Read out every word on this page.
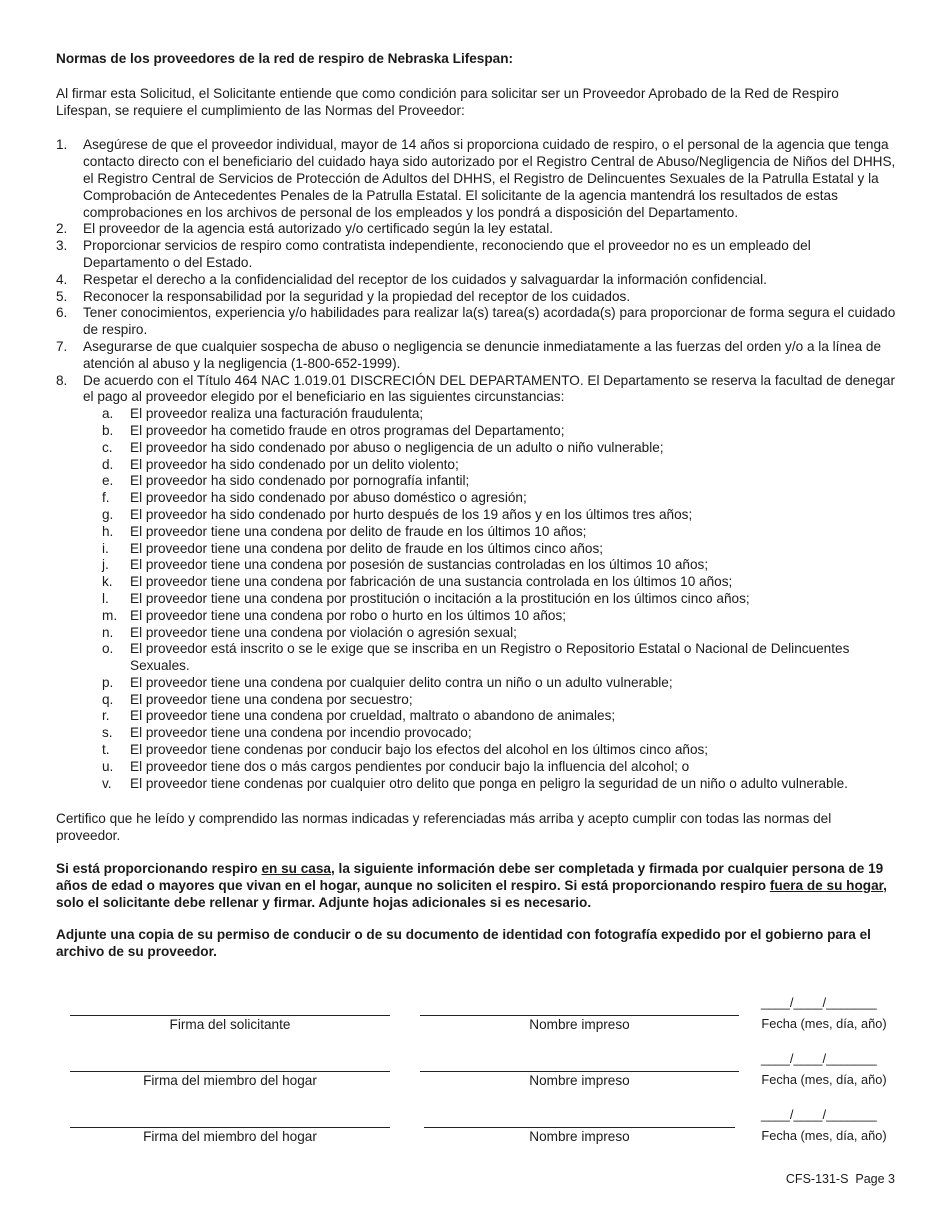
Normas de los proveedores de la red de respiro de Nebraska Lifespan:

Al firmar esta Solicitud, el Solicitante entiende que como condición para solicitar ser un Proveedor Aprobado de la Red de Respiro Lifespan, se requiere el cumplimiento de las Normas del Proveedor:

1. Asegúrese de que el proveedor individual, mayor de 14 años si proporciona cuidado de respiro, o el personal de la agencia que tenga contacto directo con el beneficiario del cuidado haya sido autorizado por el Registro Central de Abuso/Negligencia de Niños del DHHS, el Registro Central de Servicios de Protección de Adultos del DHHS, el Registro de Delincuentes Sexuales de la Patrulla Estatal y la Comprobación de Antecedentes Penales de la Patrulla Estatal. El solicitante de la agencia mantendrá los resultados de estas comprobaciones en los archivos de personal de los empleados y los pondrá a disposición del Departamento.
2. El proveedor de la agencia está autorizado y/o certificado según la ley estatal.
3. Proporcionar servicios de respiro como contratista independiente, reconociendo que el proveedor no es un empleado del Departamento o del Estado.
4. Respetar el derecho a la confidencialidad del receptor de los cuidados y salvaguardar la información confidencial.
5. Reconocer la responsabilidad por la seguridad y la propiedad del receptor de los cuidados.
6. Tener conocimientos, experiencia y/o habilidades para realizar la(s) tarea(s) acordada(s) para proporcionar de forma segura el cuidado de respiro.
7. Asegurarse de que cualquier sospecha de abuso o negligencia se denuncie inmediatamente a las fuerzas del orden y/o a la línea de atención al abuso y la negligencia (1-800-652-1999).
8. De acuerdo con el Título 464 NAC 1.019.01 DISCRECIÓN DEL DEPARTAMENTO. El Departamento se reserva la facultad de denegar el pago al proveedor elegido por el beneficiario en las siguientes circunstancias:
a. El proveedor realiza una facturación fraudulenta;
b. El proveedor ha cometido fraude en otros programas del Departamento;
c. El proveedor ha sido condenado por abuso o negligencia de un adulto o niño vulnerable;
d. El proveedor ha sido condenado por un delito violento;
e. El proveedor ha sido condenado por pornografía infantil;
f. El proveedor ha sido condenado por abuso doméstico o agresión;
g. El proveedor ha sido condenado por hurto después de los 19 años y en los últimos tres años;
h. El proveedor tiene una condena por delito de fraude en los últimos 10 años;
i. El proveedor tiene una condena por delito de fraude en los últimos cinco años;
j. El proveedor tiene una condena por posesión de sustancias controladas en los últimos 10 años;
k. El proveedor tiene una condena por fabricación de una sustancia controlada en los últimos 10 años;
l. El proveedor tiene una condena por prostitución o incitación a la prostitución en los últimos cinco años;
m. El proveedor tiene una condena por robo o hurto en los últimos 10 años;
n. El proveedor tiene una condena por violación o agresión sexual;
o. El proveedor está inscrito o se le exige que se inscriba en un Registro o Repositorio Estatal o Nacional de Delincuentes Sexuales.
p. El proveedor tiene una condena por cualquier delito contra un niño o un adulto vulnerable;
q. El proveedor tiene una condena por secuestro;
r. El proveedor tiene una condena por crueldad, maltrato o abandono de animales;
s. El proveedor tiene una condena por incendio provocado;
t. El proveedor tiene condenas por conducir bajo los efectos del alcohol en los últimos cinco años;
u. El proveedor tiene dos o más cargos pendientes por conducir bajo la influencia del alcohol; o
v. El proveedor tiene condenas por cualquier otro delito que ponga en peligro la seguridad de un niño o adulto vulnerable.

Certifico que he leído y comprendido las normas indicadas y referenciadas más arriba y acepto cumplir con todas las normas del proveedor.

Si está proporcionando respiro en su casa, la siguiente información debe ser completada y firmada por cualquier persona de 19 años de edad o mayores que vivan en el hogar, aunque no soliciten el respiro. Si está proporcionando respiro fuera de su hogar, solo el solicitante debe rellenar y firmar. Adjunte hojas adicionales si es necesario.

Adjunte una copia de su permiso de conducir o de su documento de identidad con fotografía expedido por el gobierno para el archivo de su proveedor.

____/____/_______
Firma del solicitante	Nombre impreso	Fecha (mes, día, año)
____/____/_______
Firma del miembro del hogar	Nombre impreso	Fecha (mes, día, año)
____/____/_______
Firma del miembro del hogar	Nombre impreso	Fecha (mes, día, año)
CFS-131-S  Page 3
